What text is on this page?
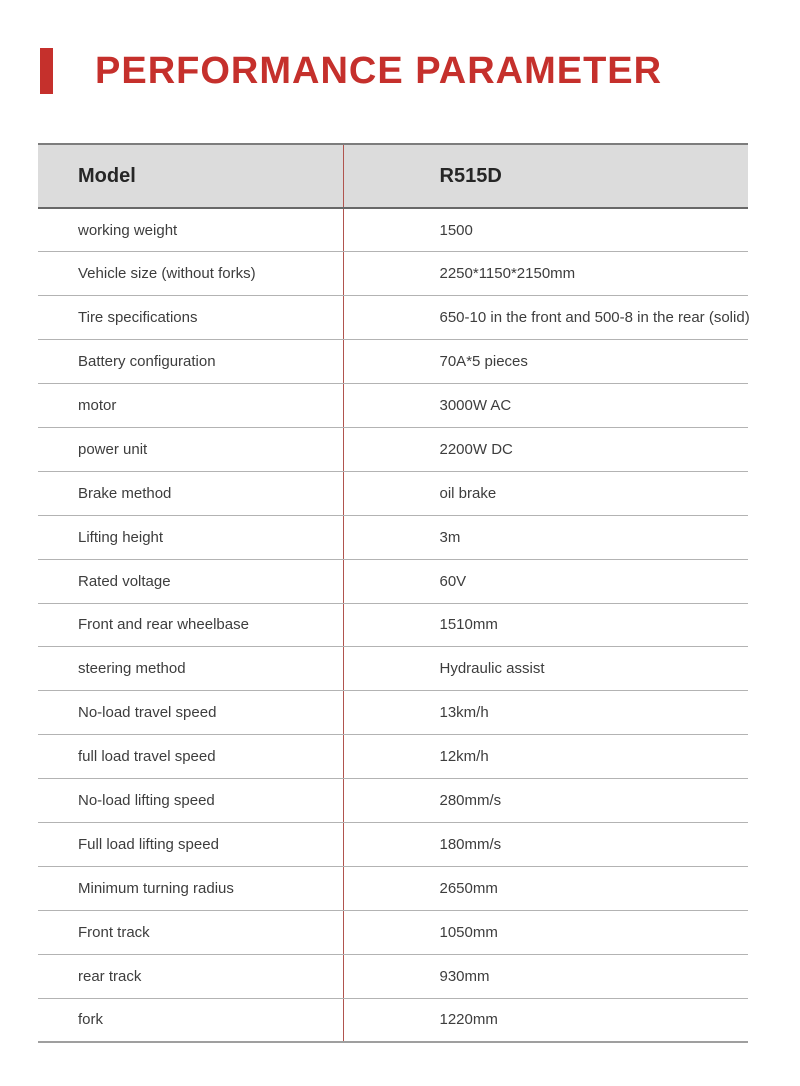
PERFORMANCE PARAMETER
Model	R515D
working weight	1500
Vehicle size (without forks)	2250*1150*2150mm
Tire specifications	650-10 in the front and 500-8 in the rear (solid)
Battery configuration	70A*5 pieces
motor	3000W AC
power unit	2200W DC
Brake method	oil brake
Lifting height	3m
Rated voltage	60V
Front and rear wheelbase	1510mm
steering method	Hydraulic assist
No-load travel speed	13km/h
full load travel speed	12km/h
No-load lifting speed	280mm/s
Full load lifting speed	180mm/s
Minimum turning radius	2650mm
Front track	1050mm
rear track	930mm
fork	1220mm
